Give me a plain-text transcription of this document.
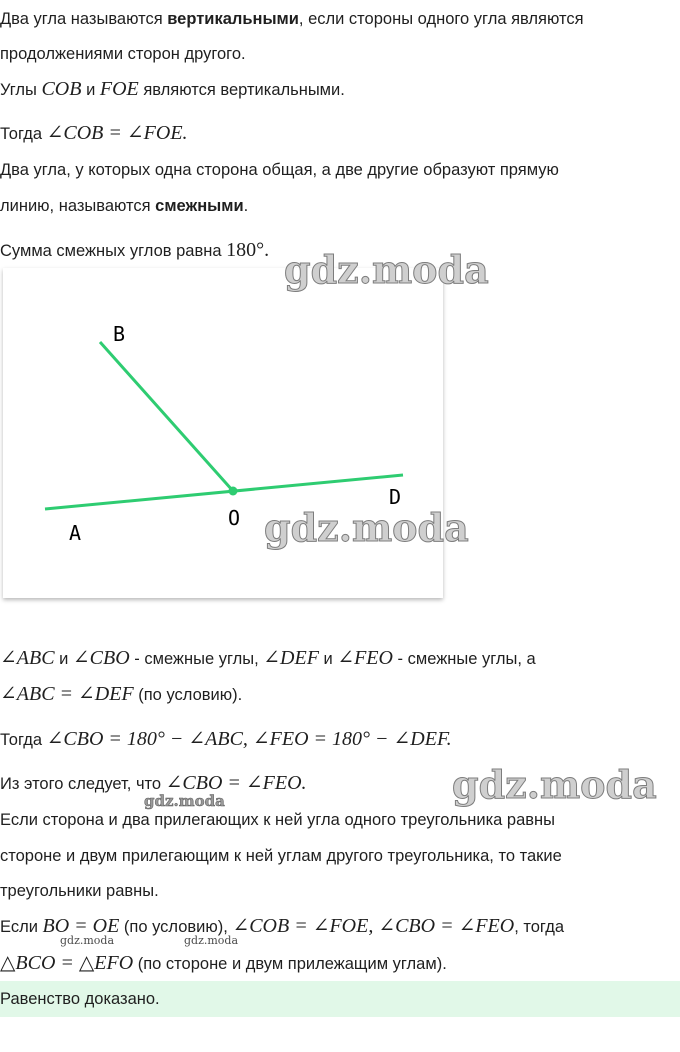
Два угла называются вертикальными, если стороны одного угла являются
продолжениями сторон другого.
Углы COB и FOE являются вертикальными.
Тогда ∠COB = ∠FOE.
Два угла, у которых одна сторона общая, а две другие образуют прямую
линию, называются смежными.
Сумма смежных углов равна 180°.
B
A
O
D
gdz.moda
gdz.moda
gdz.moda
gdz.moda
gdz.moda	gdz.moda
∠ABC и ∠CBO - смежные углы, ∠DEF и ∠FEO - смежные углы, а
∠ABC = ∠DEF (по условию).
Тогда ∠CBO = 180° − ∠ABC, ∠FEO = 180° − ∠DEF.
Из этого следует, что ∠CBO = ∠FEO.
Если сторона и два прилегающих к ней угла одного треугольника равны
стороне и двум прилегающим к ней углам другого треугольника, то такие
треугольники равны.
Если BO = OE (по условию), ∠COB = ∠FOE, ∠CBO = ∠FEO, тогда
△BCO = △EFO (по стороне и двум прилежащим углам).
Равенство доказано.
